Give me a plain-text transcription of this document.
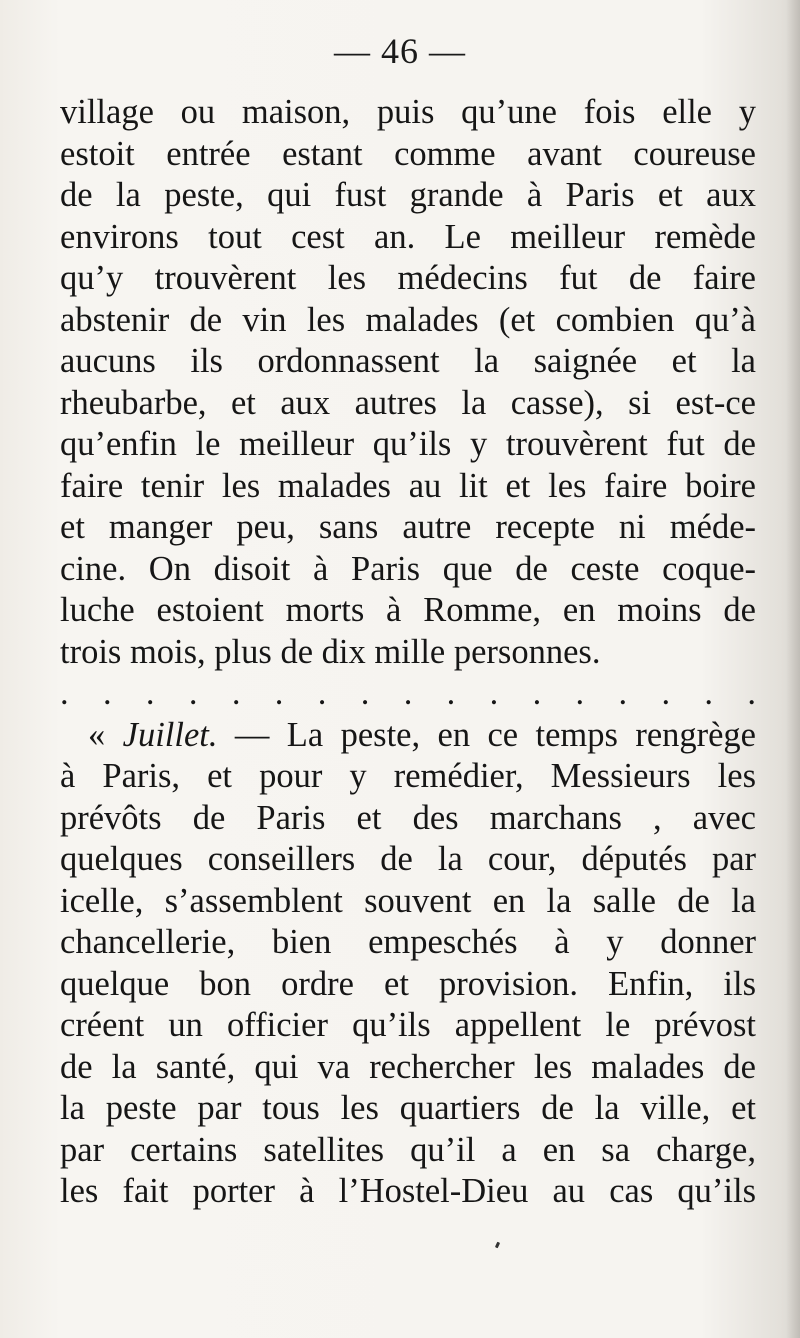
— 46 —
village ou maison, puis qu’une fois elle y
estoit entrée estant comme avant coureuse
de la peste, qui fust grande à Paris et aux
environs tout cest an. Le meilleur remède
qu’y trouvèrent les médecins fut de faire
abstenir de vin les malades (et combien qu’à
aucuns ils ordonnassent la saignée et la
rheubarbe, et aux autres la casse), si est-ce
qu’enfin le meilleur qu’ils y trouvèrent fut de
faire tenir les malades au lit et les faire boire
et manger peu, sans autre recepte ni méde-
cine. On disoit à Paris que de ceste coque-
luche estoient morts à Romme, en moins de
trois mois, plus de dix mille personnes.
. . . . . . . . . . . . . . . . .
« Juillet. — La peste, en ce temps rengrège
à Paris, et pour y remédier, Messieurs les
prévôts de Paris et des marchans , avec
quelques conseillers de la cour, députés par
icelle, s’assemblent souvent en la salle de la
chancellerie, bien empeschés à y donner
quelque bon ordre et provision. Enfin, ils
créent un officier qu’ils appellent le prévost
de la santé, qui va rechercher les malades de
la peste par tous les quartiers de la ville, et
par certains satellites qu’il a en sa charge,
les fait porter à l’Hostel-Dieu au cas qu’ils
